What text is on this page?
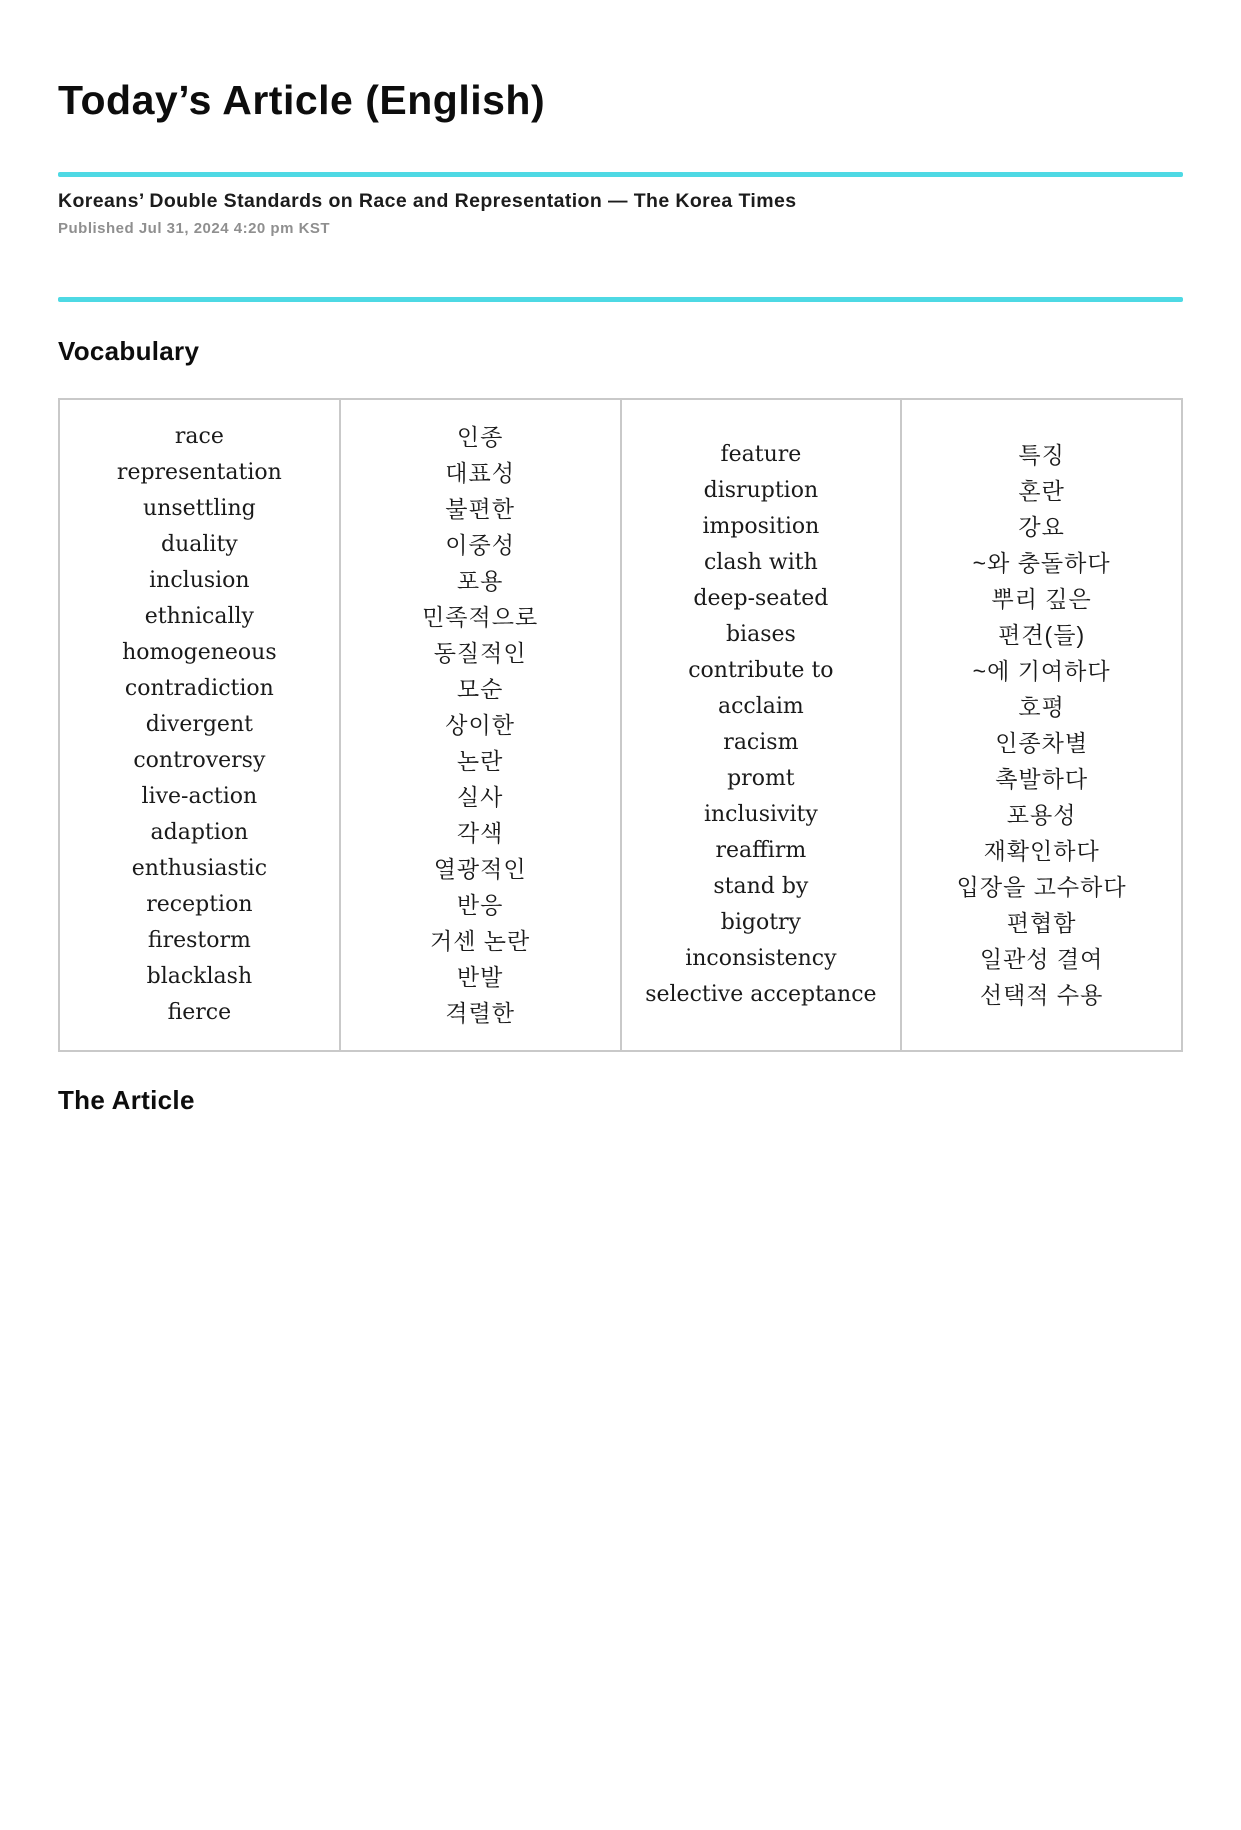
Today’s Article (English)
Koreans’ Double Standards on Race and Representation — The Korea Times
Published Jul 31, 2024 4:20 pm KST
Vocabulary
race
representation
unsettling
duality
inclusion
ethnically
homogeneous
contradiction
divergent
controversy
live-action
adaption
enthusiastic
reception
firestorm
blacklash
fierce
인종
대표성
불편한
이중성
포용
민족적으로
동질적인
모순
상이한
논란
실사
각색
열광적인
반응
거센 논란
반발
격렬한
feature
disruption
imposition
clash with
deep-seated
biases
contribute to
acclaim
racism
promt
inclusivity
reaffirm
stand by
bigotry
inconsistency
selective acceptance
특징
혼란
강요
~와 충돌하다
뿌리 깊은
편견(들)
~에 기여하다
호평
인종차별
촉발하다
포용성
재확인하다
입장을 고수하다
편협함
일관성 결여
선택적 수용
The Article
